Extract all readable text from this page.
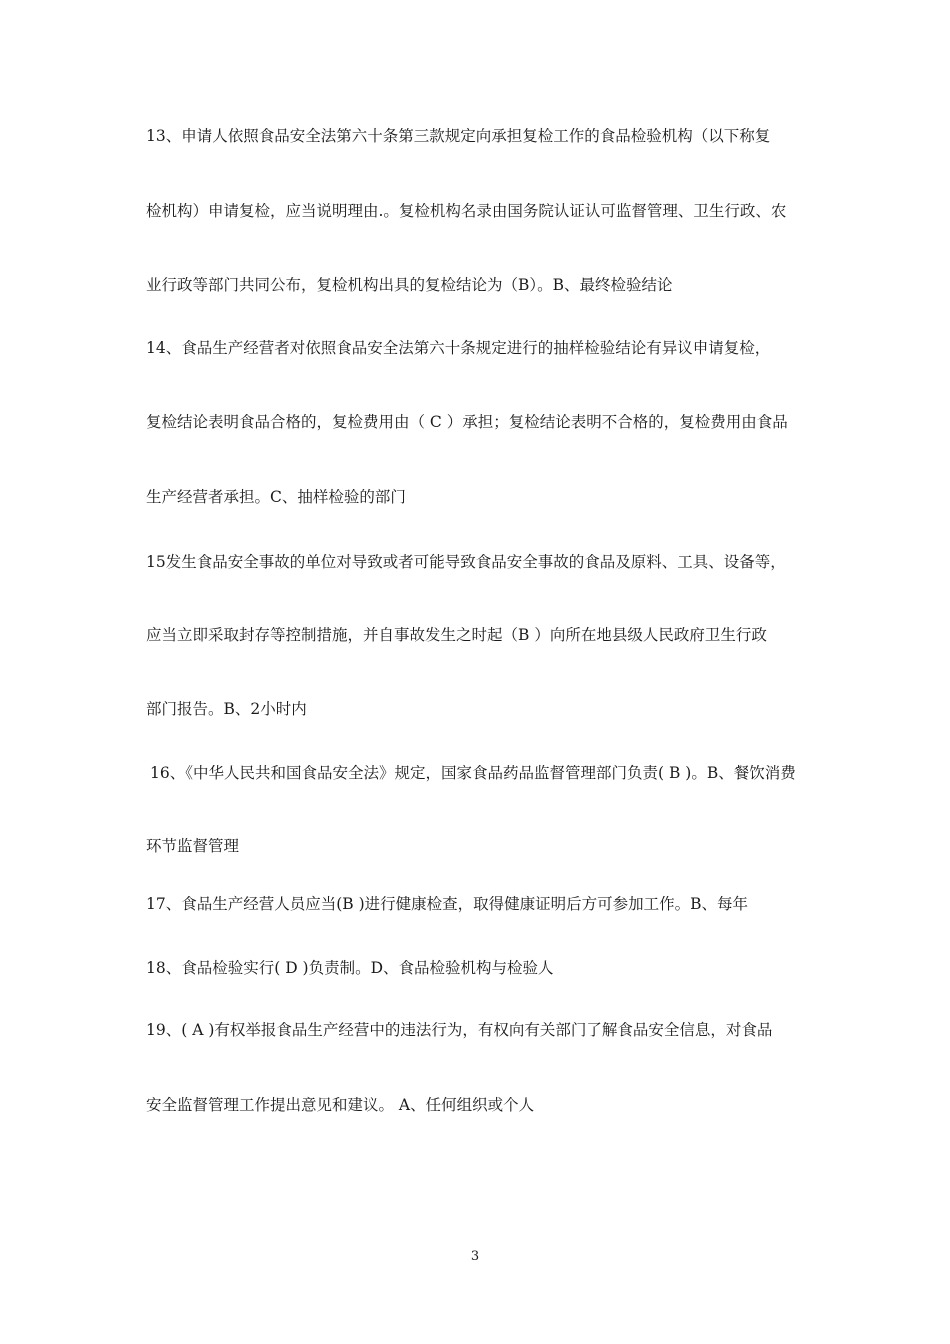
13、申请人依照食品安全法第六十条第三款规定向承担复检工作的食品检验机构（以下称复
检机构）申请复检，应当说明理由.。复检机构名录由国务院认证认可监督管理、卫生行政、农
业行政等部门共同公布，复检机构出具的复检结论为（B）。B、最终检验结论
14、食品生产经营者对依照食品安全法第六十条规定进行的抽样检验结论有异议申请复检，
复检结论表明食品合格的，复检费用由（ C ）承担；复检结论表明不合格的，复检费用由食品
生产经营者承担。C、抽样检验的部门
15发生食品安全事故的单位对导致或者可能导致食品安全事故的食品及原料、工具、设备等，
应当立即采取封存等控制措施，并自事故发生之时起（B ）向所在地县级人民政府卫生行政
部门报告。B、2小时内
16、《中华人民共和国食品安全法》规定，国家食品药品监督管理部门负责( B )。B、餐饮消费
环节监督管理
17、食品生产经营人员应当(B )进行健康检查，取得健康证明后方可参加工作。B、每年
18、食品检验实行( D )负责制。D、食品检验机构与检验人
19、( A )有权举报食品生产经营中的违法行为，有权向有关部门了解食品安全信息，对食品
安全监督管理工作提出意见和建议。 A、任何组织或个人
3
